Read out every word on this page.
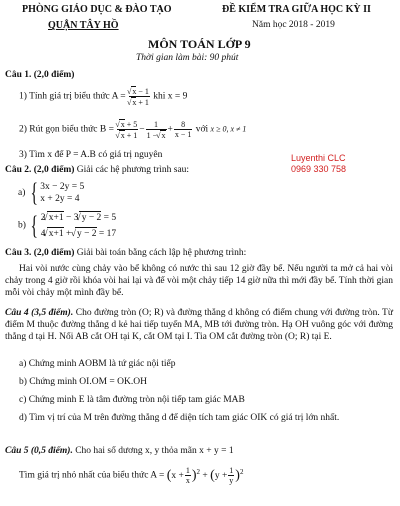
PHÒNG GIÁO DỤC & ĐÀO TẠO
QUẬN TÂY HỒ
ĐỀ KIỂM TRA GIỮA HỌC KỲ II
Năm học 2018 - 2019
MÔN TOÁN LỚP 9
Thời gian làm bài: 90 phút
Luyenthi CLC
0969 330 758
Câu 1. (2,0 điểm)
1) Tính giá trị biểu thức A = √ x − 1
√ x + 1 khi x = 9
2) Rút gọn biểu thức B = √ x + 5
√ $x + 1 - \frac{1}{1 - √ x} + \frac{8}{x - 1}$ với x ≥ 0, x ≠ 1
3) Tìm x để P = A.B có giá trị nguyên
Câu 2. (2,0 điểm) Giải các hệ phương trình sau:
a) { 3x − 2y = 5
x + 2y = 4
b) { 2 √ x+1 − 3 √ y − 2 = 5
4 √ x+1 + √ y − 2 = 17
Câu 3. (2,0 điểm) Giải bài toán bằng cách lập hệ phương trình:
Hai vòi nước cùng chảy vào bể không có nước thì sau 12 giờ đầy bể. Nếu người ta mở cả hai vòi chảy trong 4 giờ rồi khóa vòi hai lại và để vòi một chảy tiếp 14 giờ nữa thì mới đầy bể. Tính thời gian mỗi vòi chảy một mình đầy bể.
Câu 4 (3,5 điểm). Cho đường tròn (O; R) và đường thẳng d không có điểm chung với đường tròn. Từ điểm M thuộc đường thẳng d kẻ hai tiếp tuyến MA, MB tới đường tròn. Hạ OH vuông góc với đường thẳng d tại H. Nối AB cắt OH tại K, cắt OM tại I. Tia OM cắt đường tròn (O; R) tại E.
a) Chứng minh AOBM là tứ giác nội tiếp
b) Chứng minh OI.OM = OK.OH
c) Chứng minh E là tâm đường tròn nội tiếp tam giác MAB
d) Tìm vị trí của M trên đường thẳng d để diện tích tam giác OIK có giá trị lớn nhất.
Câu 5 (0,5 điểm). Cho hai số dương x, y thỏa mãn x + y = 1
Tìm giá trị nhỏ nhất của biểu thức $A = (x + \frac{1}{x} )^2 + (y + \frac{1}{y} )^2$
